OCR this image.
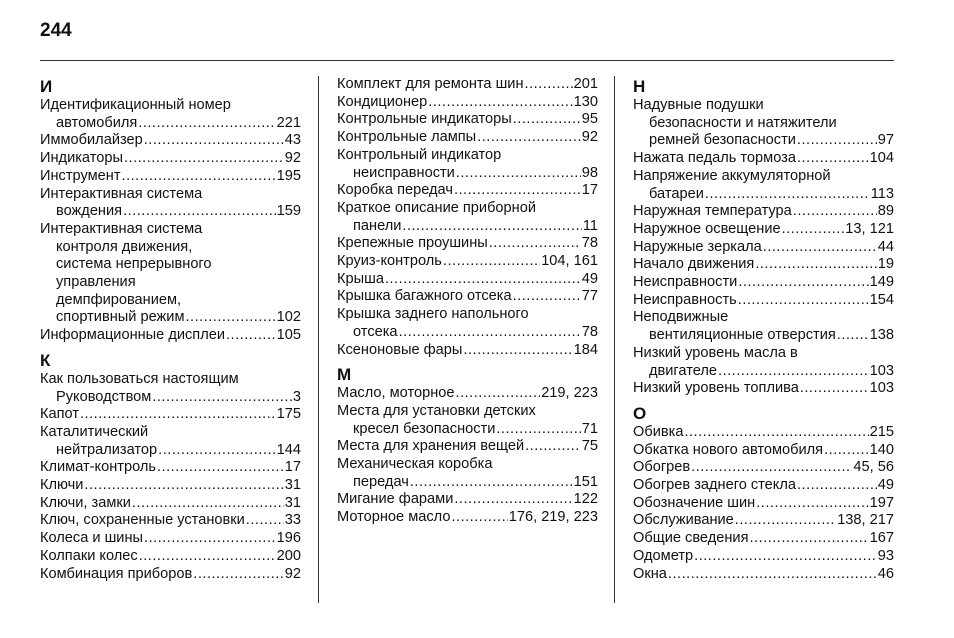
244
И
Идентификационный номер
автомобиля .....	221
Иммобилайзер .....	43
Индикаторы .....	92
Инструмент .....	195
Интерактивная система
вождения .....	159
Интерактивная система
контроля движения,
система непрерывного
управления
демпфированием,
спортивный режим .....	102
Информационные дисплеи .....	105
К
Как пользоваться настоящим
Руководством .....	3
Капот .....	175
Каталитический
нейтрализатор .....	144
Климат-контроль .....	17
Ключи .....	31
Ключи, замки .....	31
Ключ, сохраненные установки .....	33
Колеса и шины .....	196
Колпаки колес .....	200
Комбинация приборов .....	92
Комплект для ремонта шин .....	201
Кондиционер .....	130
Контрольные индикаторы .....	95
Контрольные лампы .....	92
Контрольный индикатор
неисправности .....	98
Коробка передач .....	17
Краткое описание приборной
панели .....	11
Крепежные проушины .....	78
Круиз-контроль .....	104, 161
Крыша .....	49
Крышка багажного отсека .....	77
Крышка заднего напольного
отсека .....	78
Ксеноновые фары .....	184
М
Масло, моторное .....	219, 223
Места для установки детских
кресел безопасности .....	71
Места для хранения вещей .....	75
Механическая коробка
передач .....	151
Мигание фарами .....	122
Моторное масло .....	176, 219, 223
Н
Надувные подушки
безопасности и натяжители
ремней безопасности .....	97
Нажата педаль тормоза .....	104
Напряжение аккумуляторной
батареи .....	113
Наружная температура .....	89
Наружное освещение .....	13, 121
Наружные зеркала .....	44
Начало движения .....	19
Неисправности .....	149
Неисправность .....	154
Неподвижные
вентиляционные отверстия ..... 138
Низкий уровень масла в
двигателе .....	103
Низкий уровень топлива .....	103
О
Обивка .....	215
Обкатка нового автомобиля .....	140
Обогрев .....	45, 56
Обогрев заднего стекла .....	49
Обозначение шин .....	197
Обслуживание .....	138, 217
Общие сведения .....	167
Одометр .....	93
Окна .....	46
